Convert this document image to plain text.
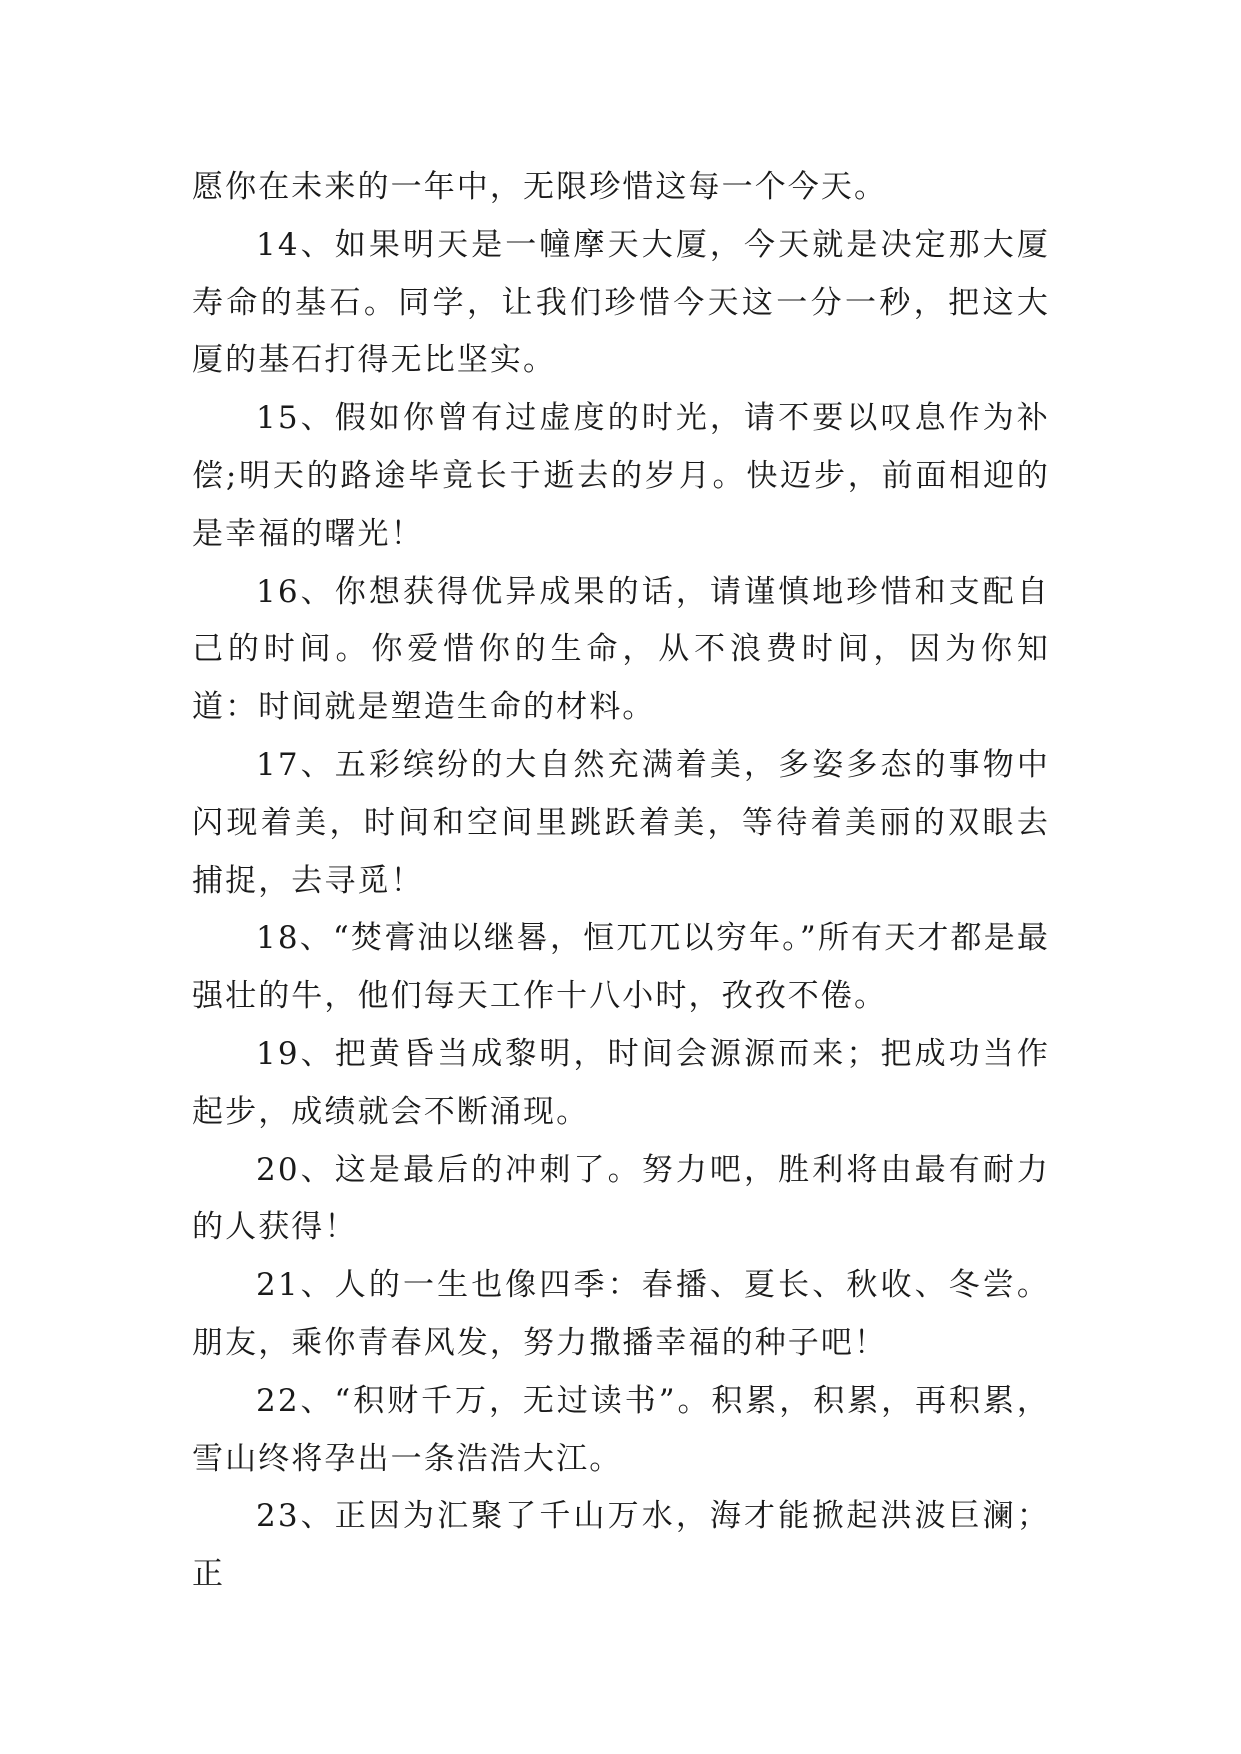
愿你在未来的一年中，无限珍惜这每一个今天。

14、如果明天是一幢摩天大厦，今天就是决定那大厦寿命的基石。同学，让我们珍惜今天这一分一秒，把这大厦的基石打得无比坚实。

15、假如你曾有过虚度的时光，请不要以叹息作为补偿;明天的路途毕竟长于逝去的岁月。快迈步，前面相迎的是幸福的曙光！

16、你想获得优异成果的话，请谨慎地珍惜和支配自己的时间。你爱惜你的生命，从不浪费时间，因为你知道：时间就是塑造生命的材料。

17、五彩缤纷的大自然充满着美，多姿多态的事物中闪现着美，时间和空间里跳跃着美，等待着美丽的双眼去捕捉，去寻觅！

18、“焚膏油以继晷，恒兀兀以穷年。”所有天才都是最强壮的牛，他们每天工作十八小时，孜孜不倦。

19、把黄昏当成黎明，时间会源源而来；把成功当作起步，成绩就会不断涌现。

20、这是最后的冲刺了。努力吧，胜利将由最有耐力的人获得！

21、人的一生也像四季：春播、夏长、秋收、冬尝。朋友，乘你青春风发，努力撒播幸福的种子吧！

22、“积财千万，无过读书”。积累，积累，再积累，雪山终将孕出一条浩浩大江。

23、正因为汇聚了千山万水，海才能掀起洪波巨澜；正
